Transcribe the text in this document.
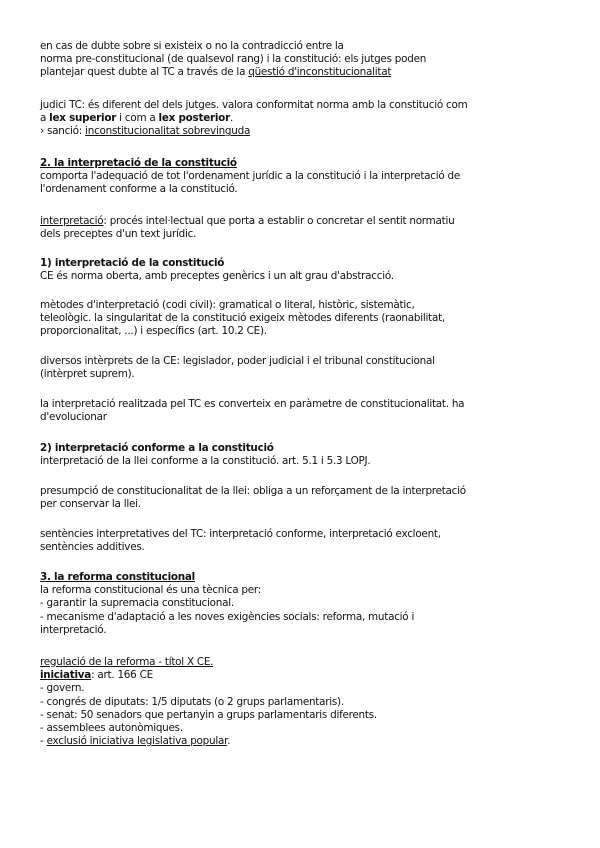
en cas de dubte sobre si existeix o no la contradicció entre la
norma pre-constitucional (de qualsevol rang) i la constitució: els jutges poden
plantejar quest dubte al TC a través de la qüestió d'inconstitucionalitat
judici TC: és diferent del dels jutges. valora conformitat norma amb la constitució com
a lex superior i com a lex posterior.
› sanció: inconstitucionalitat sobrevinguda
2. la interpretació de la constitució
comporta l'adequació de tot l'ordenament jurídic a la constitució i la interpretació de
l'ordenament conforme a la constitució.
interpretació: procés intel·lectual que porta a establir o concretar el sentit normatiu
dels preceptes d'un text jurídic.
1) interpretació de la constitució
CE és norma oberta, amb preceptes genèrics i un alt grau d'abstracció.
mètodes d'interpretació (codi civil): gramatical o literal, històric, sistemàtic,
teleològic. la singularitat de la constitució exigeix mètodes diferents (raonabilitat,
proporcionalitat, ...) i específics (art. 10.2 CE).
diversos intèrprets de la CE: legislador, poder judicial i el tribunal constitucional
(intèrpret suprem).
la interpretació realitzada pel TC es converteix en paràmetre de constitucionalitat. ha
d'evolucionar
2) interpretació conforme a la constitució
interpretació de la llei conforme a la constitució. art. 5.1 i 5.3 LOPJ.
presumpció de constitucionalitat de la llei: obliga a un reforçament de la interpretació
per conservar la llei.
sentències interpretatives del TC: interpretació conforme, interpretació excloent,
sentències additives.
3. la reforma constitucional
la reforma constitucional és una tècnica per:
- garantir la supremacia constitucional.
- mecanisme d'adaptació a les noves exigències socials: reforma, mutació i
interpretació.
regulació de la reforma - títol X CE.
iniciativa: art. 166 CE
- govern.
- congrés de diputats: 1/5 diputats (o 2 grups parlamentaris).
- senat: 50 senadors que pertanyin a grups parlamentaris diferents.
- assemblees autonòmiques.
- exclusió iniciativa legislativa popular.
